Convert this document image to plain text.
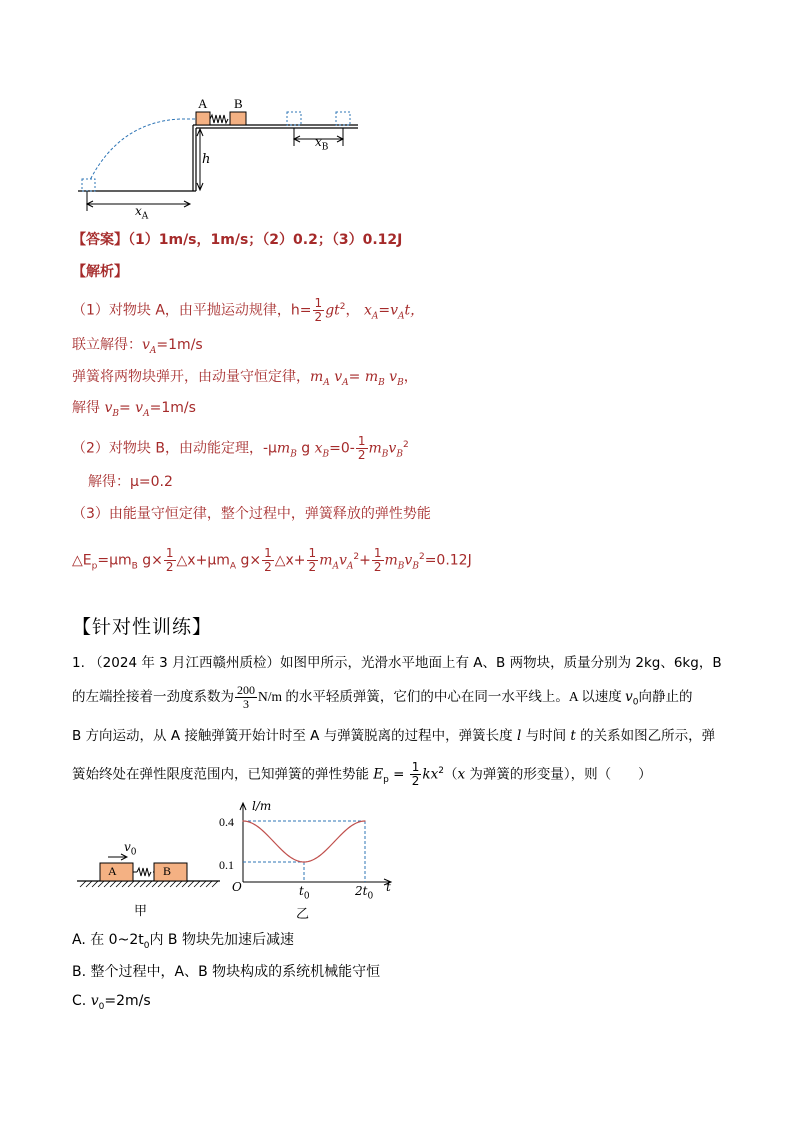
A B
h
$x_B$
$x_A$
【答案】（1）1m/s，1m/s；（2）0.2；（3）0.12J
【解析】
（1）对物块 A，由平抛运动规律，$h= \frac{1}{2} gt^2$， $x_A=v_At$，
联立解得：$v_A=1m/s$
弹簧将两物块弹开，由动量守恒定律，$m_A$ $v_A= m_B$ $v_B$，
解得 $v_B= v_A=1m/s$
（2）对物块 B，由动能定理，$-\mu m_B$ g $x_B=0- \frac{1}{2} m_Bv_B^2$
解得：μ=0.2
（3）由能量守恒定律，整个过程中，弹簧释放的弹性势能
$\triangle E_p=\mu m_B$ $g\times \frac{1}{2}$ $\triangle x+\mu m_A$ $g\times \frac{1}{2}$ △x+ $\frac{1}{2} m_Av_A^2+ \frac{1}{2} m_Bv_B^2=0.12J$
【针对性训练】
1. （2024 年 3 月江西赣州质检）如图甲所示，光滑水平地面上有 A、B 两物块，质量分别为 2kg、6kg，B
的左端拴接着一劲度系数为 $\frac{200}{3} N/m$ 的水平轻质弹簧，它们的中心在同一水平线上。A 以速度 $v_0$向静止的
B 方向运动，从 A 接触弹簧开始计时至 A 与弹簧脱离的过程中，弹簧长度 l 与时间 t 的关系如图乙所示，弹
簧始终处在弹性限度范围内，已知弹簧的弹性势能 $E_p = \frac{1}{2} kx^2(x$ 为弹簧的形变量），则（　　）
A	B
$v_0$
甲	乙
l/m
t
O
0.4
0.1
$t_0$	$2t_0$
A. 在 $0\sim 2t_0$内 B 物块先加速后减速
B. 整个过程中，A、B 物块构成的系统机械能守恒
C. $v_0=2m/s$
